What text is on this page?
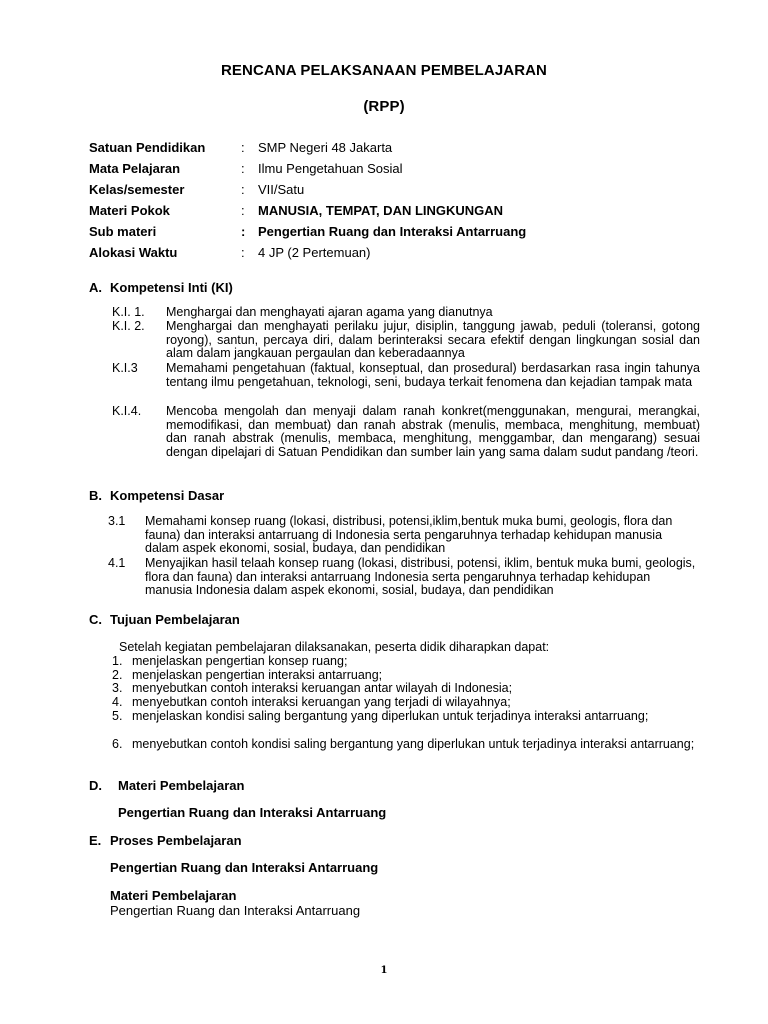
RENCANA PELAKSANAAN PEMBELAJARAN
(RPP)
Satuan Pendidikan	: SMP Negeri 48 Jakarta
Mata Pelajaran	: Ilmu Pengetahuan Sosial
Kelas/semester	: VII/Satu
Materi Pokok	: MANUSIA, TEMPAT, DAN LINGKUNGAN
Sub materi	: Pengertian Ruang dan Interaksi Antarruang
Alokasi Waktu	: 4 JP (2 Pertemuan)
A. Kompetensi Inti (KI)
K.I. 1. Menghargai dan menghayati ajaran agama yang dianutnya
K.I. 2. Menghargai dan menghayati perilaku jujur, disiplin, tanggung jawab, peduli (toleransi, gotong royong), santun, percaya diri, dalam berinteraksi secara efektif dengan lingkungan sosial dan alam dalam jangkauan pergaulan dan keberadaannya
K.I.3 Memahami pengetahuan (faktual, konseptual, dan prosedural) berdasarkan rasa ingin tahunya tentang ilmu pengetahuan, teknologi, seni, budaya terkait fenomena dan kejadian tampak mata
K.I.4. Mencoba mengolah dan menyaji dalam ranah konkret(menggunakan, mengurai, merangkai, memodifikasi, dan membuat) dan ranah abstrak (menulis, membaca, menghitung, membuat) dan ranah abstrak (menulis, membaca, menghitung, menggambar, dan mengarang) sesuai dengan dipelajari di Satuan Pendidikan dan sumber lain yang sama dalam sudut pandang /teori.
B. Kompetensi Dasar
3.1 Memahami konsep ruang (lokasi, distribusi, potensi,iklim,bentuk muka bumi, geologis, flora dan fauna) dan interaksi antarruang di Indonesia serta pengaruhnya terhadap kehidupan manusia dalam aspek ekonomi, sosial, budaya, dan pendidikan
4.1 Menyajikan hasil telaah konsep ruang (lokasi, distribusi, potensi, iklim, bentuk muka bumi, geologis, flora dan fauna) dan interaksi antarruang Indonesia serta pengaruhnya terhadap kehidupan manusia Indonesia dalam aspek ekonomi, sosial, budaya, dan pendidikan
C. Tujuan Pembelajaran
Setelah kegiatan pembelajaran dilaksanakan, peserta didik diharapkan dapat:
1. menjelaskan pengertian konsep ruang;
2. menjelaskan pengertian interaksi antarruang;
3. menyebutkan contoh interaksi keruangan antar wilayah di Indonesia;
4. menyebutkan contoh interaksi keruangan yang terjadi di wilayahnya;
5. menjelaskan kondisi saling bergantung yang diperlukan untuk terjadinya interaksi antarruang;
6. menyebutkan contoh kondisi saling bergantung yang diperlukan untuk terjadinya interaksi antarruang;
D. Materi Pembelajaran
Pengertian Ruang dan Interaksi Antarruang
E. Proses Pembelajaran
Pengertian Ruang dan Interaksi Antarruang
Materi Pembelajaran
Pengertian Ruang dan Interaksi Antarruang
1
